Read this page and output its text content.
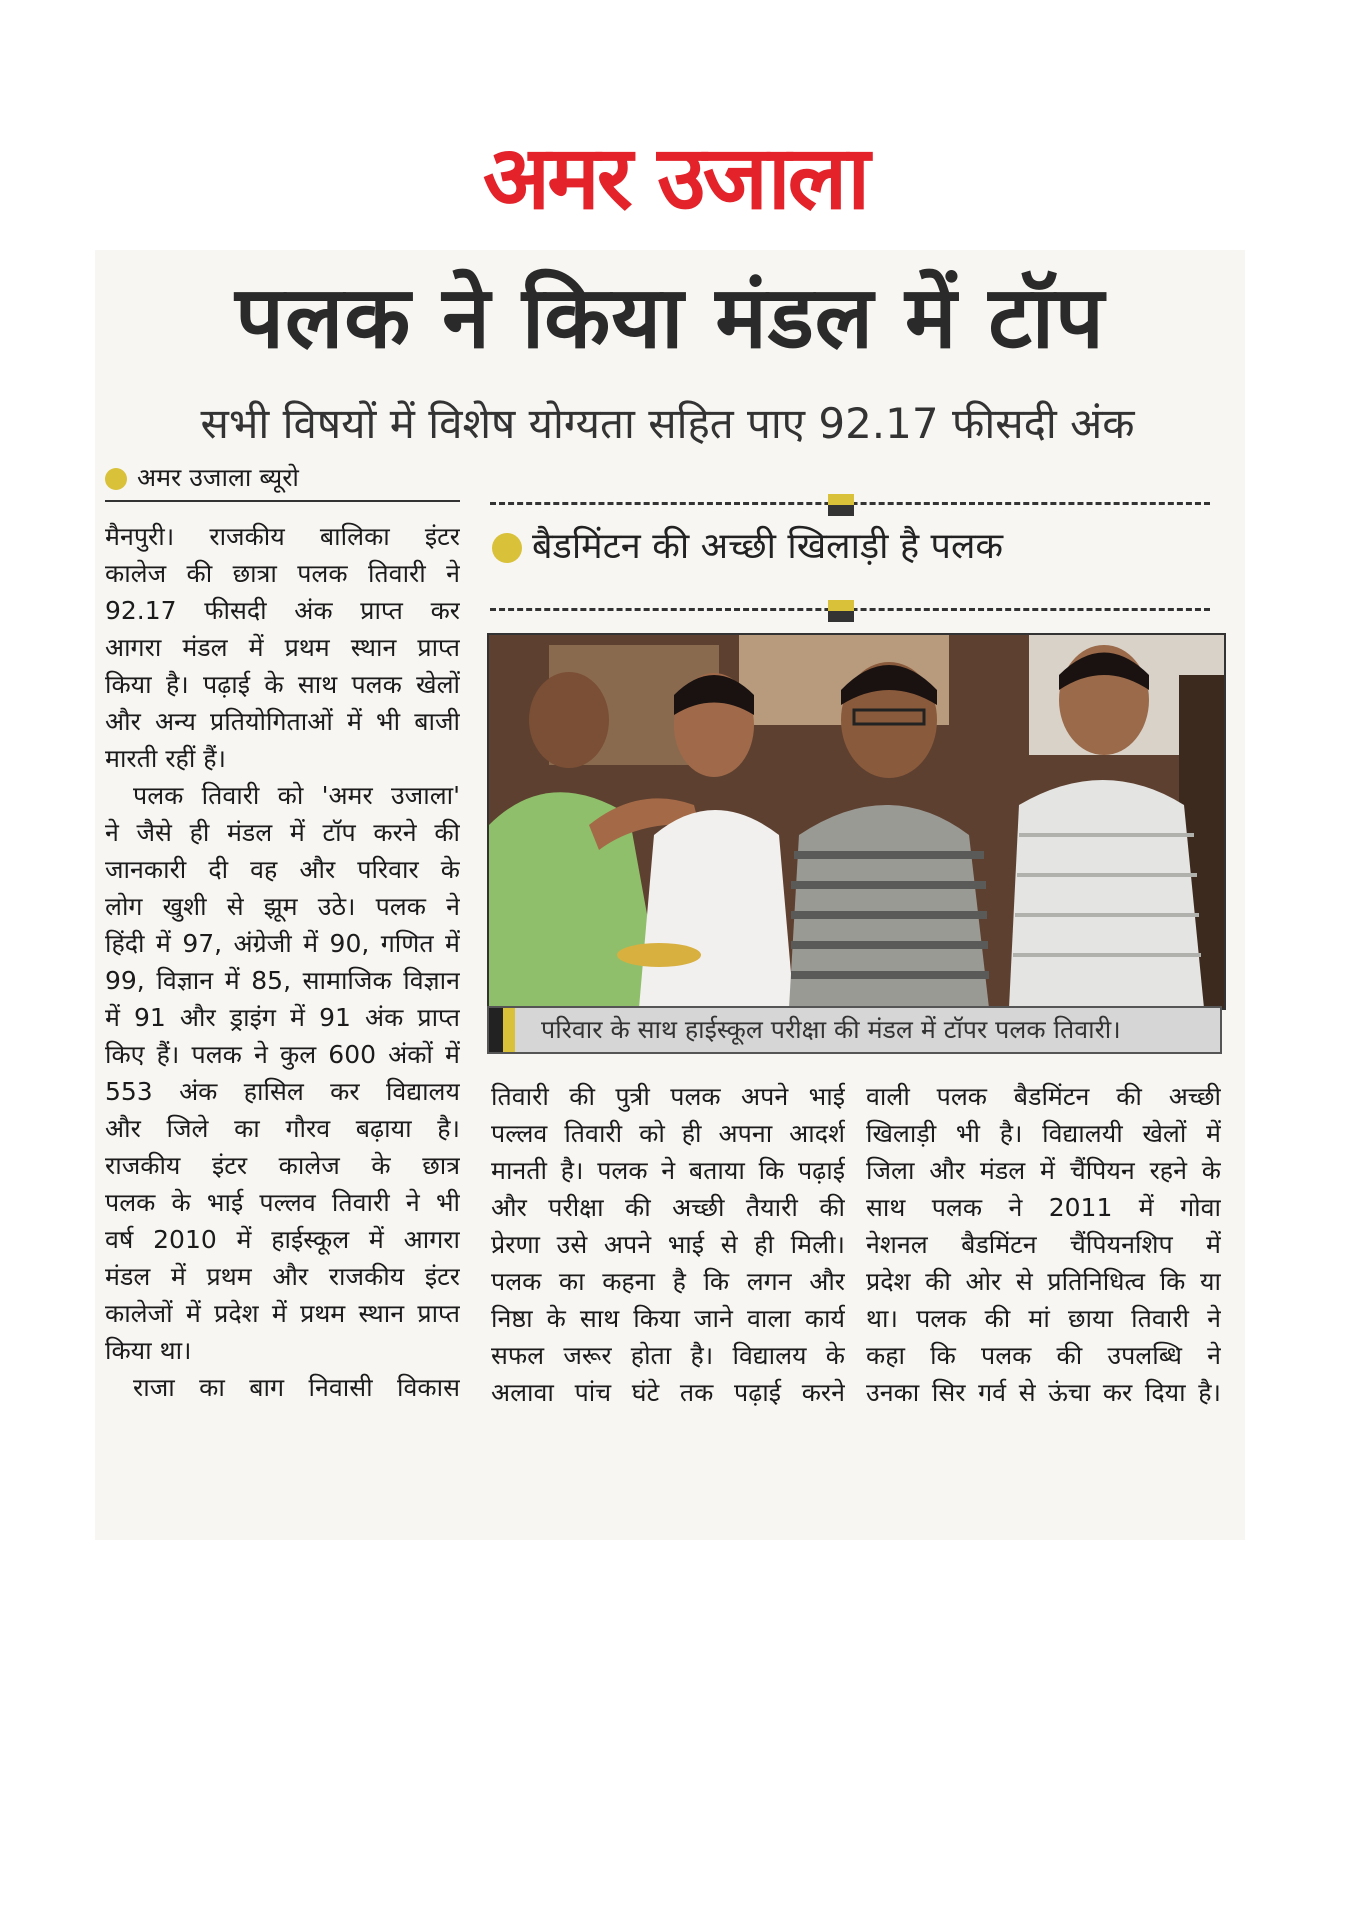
अमर उजाला
पलक ने किया मंडल में टॉप
सभी विषयों में विशेष योग्यता सहित पाए 92.17 फीसदी अंक
अमर उजाला ब्यूरो
मैनपुरी। राजकीय बालिका इंटर
कालेज की छात्रा पलक तिवारी ने
92.17 फीसदी अंक प्राप्त कर
आगरा मंडल में प्रथम स्थान प्राप्त
किया है। पढ़ाई के साथ पलक खेलों
और अन्य प्रतियोगिताओं में भी बाजी
मारती रहीं हैं।
पलक तिवारी को 'अमर उजाला'
ने जैसे ही मंडल में टॉप करने की
जानकारी दी वह और परिवार के
लोग खुशी से झूम उठे। पलक ने
हिंदी में 97, अंग्रेजी में 90, गणित में
99, विज्ञान में 85, सामाजिक विज्ञान
में 91 और ड्राइंग में 91 अंक प्राप्त
किए हैं। पलक ने कुल 600 अंकों में
553 अंक हासिल कर विद्यालय
और जिले का गौरव बढ़ाया है।
राजकीय इंटर कालेज के छात्र
पलक के भाई पल्लव तिवारी ने भी
वर्ष 2010 में हाईस्कूल में आगरा
मंडल में प्रथम और राजकीय इंटर
कालेजों में प्रदेश में प्रथम स्थान प्राप्त
किया था।
राजा का बाग निवासी विकास
बैडमिंटन की अच्छी खिलाड़ी है पलक
परिवार के साथ हाईस्कूल परीक्षा की मंडल में टॉपर पलक तिवारी।
तिवारी की पुत्री पलक अपने भाई
पल्लव तिवारी को ही अपना आदर्श
मानती है। पलक ने बताया कि पढ़ाई
और परीक्षा की अच्छी तैयारी की
प्रेरणा उसे अपने भाई से ही मिली।
पलक का कहना है कि लगन और
निष्ठा के साथ किया जाने वाला कार्य
सफल जरूर होता है। विद्यालय के
अलावा पांच घंटे तक पढ़ाई करने
वाली पलक बैडमिंटन की अच्छी
खिलाड़ी भी है। विद्यालयी खेलों में
जिला और मंडल में चैंपियन रहने के
साथ पलक ने 2011 में गोवा
नेशनल बैडमिंटन चैंपियनशिप में
प्रदेश की ओर से प्रतिनिधित्व कि या
था। पलक की मां छाया तिवारी ने
कहा कि पलक की उपलब्धि ने
उनका सिर गर्व से ऊंचा कर दिया है।
